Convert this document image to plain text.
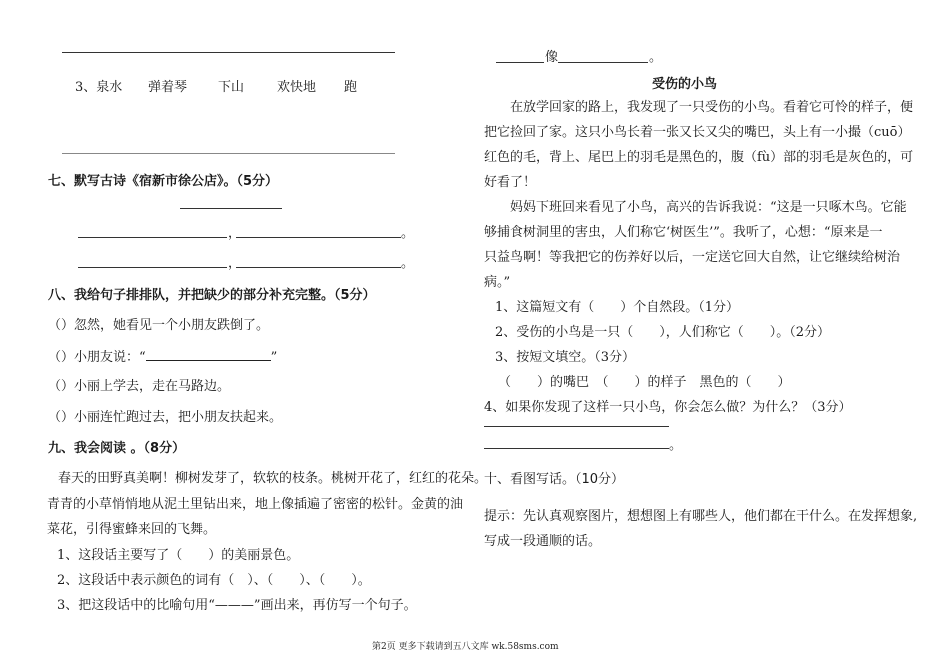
3、泉水 弹着琴 下山	欢快地 跑
七、默写古诗《宿新市徐公店》。（5分）
，	。
，	。
八、我给句子排排队，并把缺少的部分补充完整。（5分）
（）忽然，她看见一个小朋友跌倒了。
（）小朋友说：“	”
（）小丽上学去，走在马路边。
（）小丽连忙跑过去，把小朋友扶起来。
九、我会阅读 。（8分）
春天的田野真美啊！柳树发芽了，软软的枝条。桃树开花了，红红的花朵。
青青的小草悄悄地从泥土里钻出来，地上像插遍了密密的松针。金黄的油
菜花，引得蜜蜂来回的飞舞。
1、这段话主要写了（　　）的美丽景色。
2、这段话中表示颜色的词有（　）、（　　）、（　　）。
3、把这段话中的比喻句用“———”画出来，再仿写一个句子。
像	。
受伤的小鸟
在放学回家的路上，我发现了一只受伤的小鸟。看着它可怜的样子，便
把它捡回了家。这只小鸟长着一张又长又尖的嘴巴，头上有一小撮（cuō）
红色的毛，背上、尾巴上的羽毛是黑色的，腹（fù）部的羽毛是灰色的，可
好看了！
妈妈下班回来看见了小鸟，高兴的告诉我说：“这是一只啄木鸟。它能
够捕食树洞里的害虫，人们称它‘树医生’”。我听了，心想：“原来是一
只益鸟啊！等我把它的伤养好以后，一定送它回大自然，让它继续给树治
病。”
1、这篇短文有（　　）个自然段。（1分）
2、受伤的小鸟是一只（　　），人们称它（　　）。（2分）
3、按短文填空。（3分）
（　　）的嘴巴　（　　）的样子　黑色的（　　）
4、如果你发现了这样一只小鸟，你会怎么做？为什么？（3分）
。
十、看图写话。（10分）
提示：先认真观察图片，想想图上有哪些人，他们都在干什么。在发挥想象,
写成一段通顺的话。
第2页 更多下载请到五八文库 wk.58sms.com
